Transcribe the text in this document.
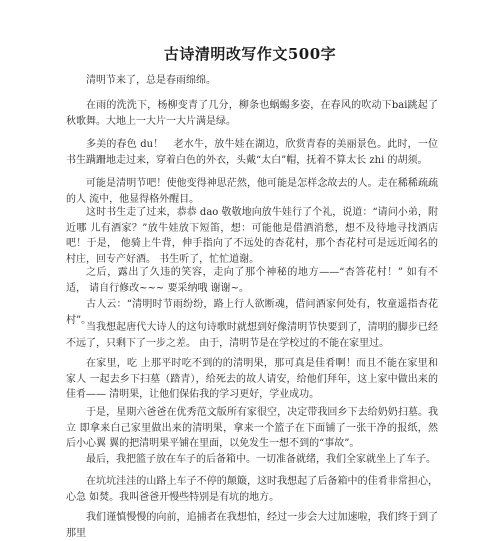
古诗清明改写作文500字

清明节来了，总是春雨绵绵。

在雨的洗洗下，杨柳变青了几分，柳条也蜗蜴多姿，在春风的吹动下bai跳起了秋歌舞。大地上一大片一大片满是绿。

多美的春色 du！　老水牛，放牛娃在湖边，欣赏青春的美丽景色。此时，一位书生蹒跚地走过来，穿着白色的外衣，头戴“太白”帽，抚着不算太长 zhi 的胡须。

可能是清明节吧！使他变得神思茫然，他可能是怎样念故去的人。走在稀稀疏疏的人 流中，他显得格外醒目。

这时书生走了过来，恭恭 dao 敬敬地向放牛娃行了个礼，说道：“请问小弟，附近哪 儿有酒家？”放牛娃放下短笛，想：可能他是借酒消愁，想不及待地寻找酒店吧！于是， 他骑上牛背，伸手指向了不远处的杏花村，那个杏花村可是远近闻名的村庄，回专产好酒。 书生听了，忙忙道谢。

之后，露出了久违的笑容，走向了那个神秘的地方——“杏答花村！” 如有不适， 请自行修改~~~ 要采纳哦 谢谢~。

古人云：“清明时节雨纷纷，路上行人欲断魂，借问酒家何处有，牧童遥指杏花村”。

当我想起唐代大诗人的这句诗歌时就想到好像清明节快要到了，清明的脚步已经不远了，只剩下了一步之差。 由于，清明节是在学校过的不能在家里过。

在家里，吃 上那平时吃不到的的清明果，那可真是佳肴啊！而且不能在家里和家人 一起去乡下扫墓（踏青），给死去的故人请安，给他们拜年，这上家中做出来的佳肴—— 清明果，让他们保佑我的学习更好，学业成功。

于是，星期六爸爸在优秀范文版所有家很空，决定带我回乡下去给奶奶扫墓。我立 即拿来白己家里做出来的清明果，拿来一个篮子在下面铺了一张干净的报纸，然后小心翼 翼的把清明果平铺在里面，以免发生一想不到的“事故”。

最后，我把篮子放在车子的后备箱中。一切准备就绪，我们全家就坐上了车子。

在坑坑洼洼的山路上车子不停的颠簸，这时我想起了后备箱中的佳肴非常担心，心急 如焚。我叫爸爸开慢些特别是有坑的地方。

我们谨慎慢慢的向前，追捕者在我想怕，经过一步会大过加速啦，我们终于到了 那里
